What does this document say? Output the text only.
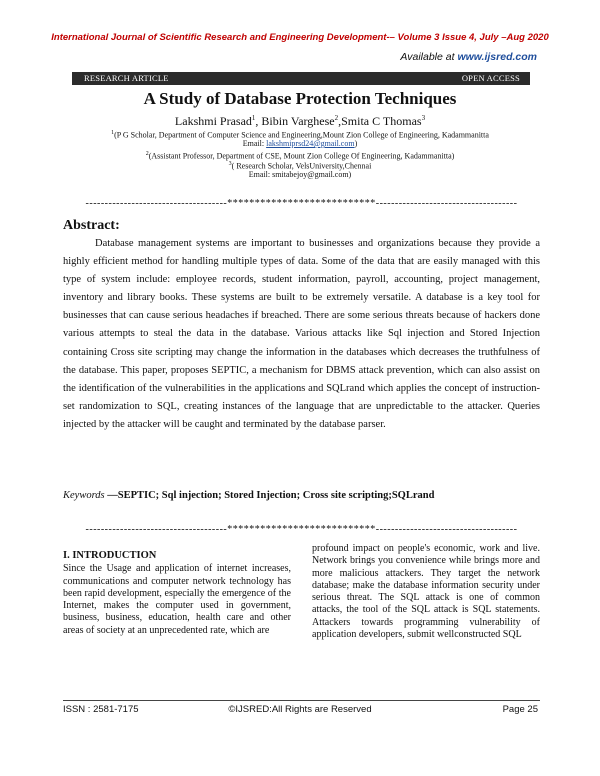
International Journal of Scientific Research and Engineering Development-– Volume 3 Issue 4, July –Aug 2020
Available at www.ijsred.com
RESEARCH ARTICLE	OPEN ACCESS
A Study of Database Protection Techniques
Lakshmi Prasad$^1$, Bibin Varghese$^2$,Smita C Thomas$^3$
$^1$(P G Scholar, Department of Computer Science and Engineering,Mount Zion College of Engineering, Kadammanitta
Email: lakshmiprsd24@gmail.com)
$^2$(Assistant Professor, Department of CSE, Mount Zion College Of Engineering, Kadammanitta)
$^3$( Research Scholar, VelsUniversity,Chennai
Email: smitabejoy@gmail.com)
-------------------------------------***************************-------------------------------------
Abstract:
Database management systems are important to businesses and organizations because they provide a highly efficient method for handling multiple types of data. Some of the data that are easily managed with this type of system include: employee records, student information, payroll, accounting, project management, inventory and library books. These systems are built to be extremely versatile. A database is a key tool for businesses that can cause serious headaches if breached. There are some serious threats because of hackers done various attempts to steal the data in the database. Various attacks like Sql injection and Stored Injection containing Cross site scripting may change the information in the databases which decreases the truthfulness of the database. This paper, proposes SEPTIC, a mechanism for DBMS attack prevention, which can also assist on the identification of the vulnerabilities in the applications and SQLrand which applies the concept of instruction-set randomization to SQL, creating instances of the language that are unpredictable to the attacker. Queries injected by the attacker will be caught and terminated by the database parser.
Keywords —SEPTIC; Sql injection; Stored Injection; Cross site scripting;SQLrand
-------------------------------------***************************-------------------------------------
I. INTRODUCTION
Since the Usage and application of internet increases, communications and computer network technology has been rapid development, especially the emergence of the Internet, makes the computer used in government, business, business, education, health care and other areas of society at an unprecedented rate, which are
profound impact on people's economic, work and live. Network brings you convenience while brings more and more malicious attackers. They target the network database; make the database information security under serious threat. The SQL attack is one of common attacks, the tool of the SQL attack is SQL statements. Attackers towards programming vulnerability of application developers, submit wellconstructed SQL
ISSN : 2581-7175	©IJSRED:All Rights are Reserved	Page 25
